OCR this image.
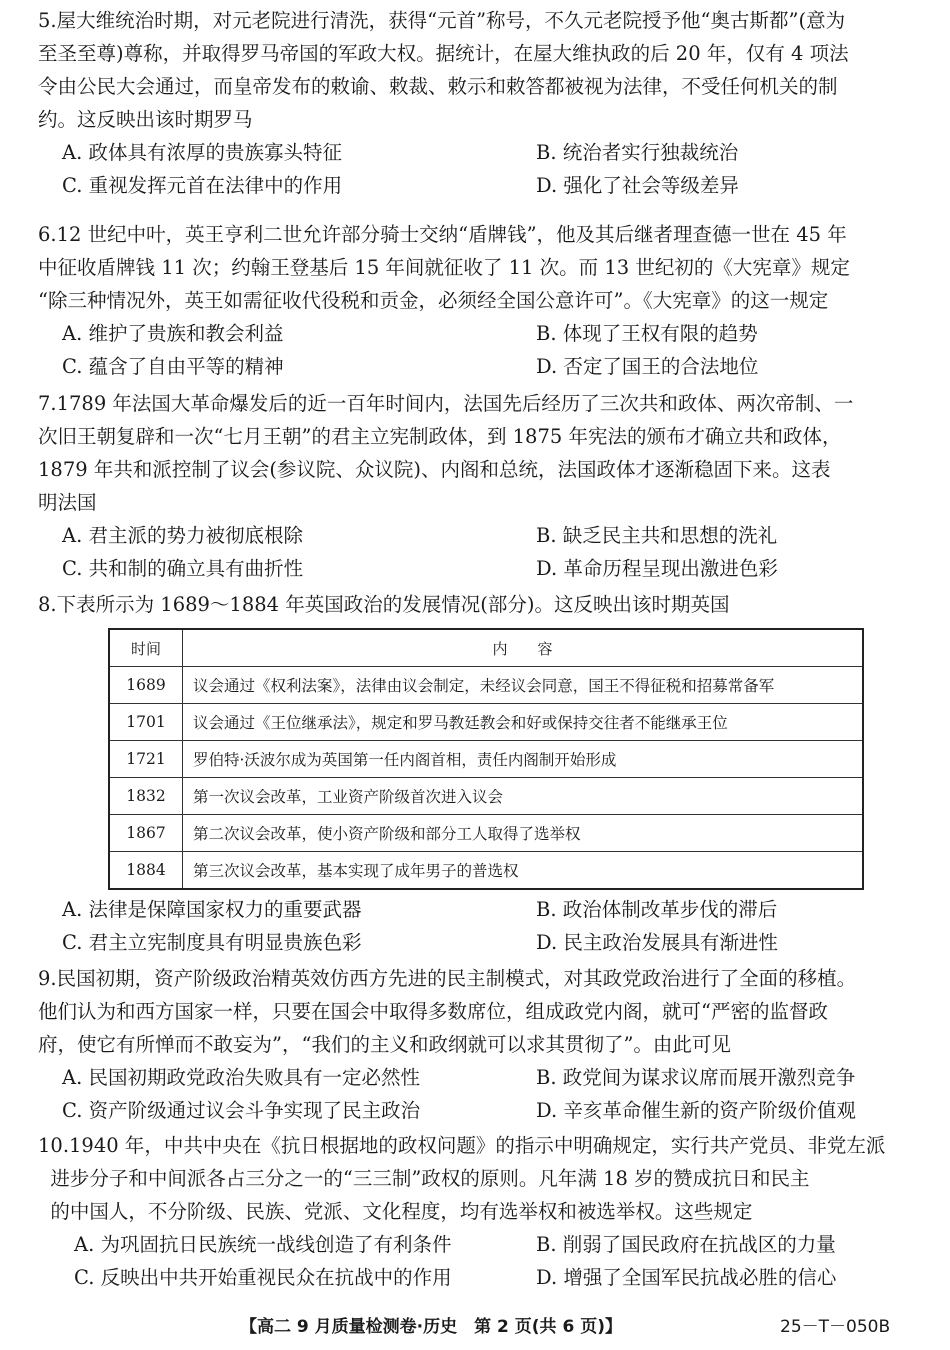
5.屋大维统治时期，对元老院进行清洗，获得“元首”称号，不久元老院授予他“奥古斯都”(意为

至圣至尊)尊称，并取得罗马帝国的军政大权。据统计，在屋大维执政的后 20 年，仅有 4 项法

令由公民大会通过，而皇帝发布的敕谕、敕裁、敕示和敕答都被视为法律，不受任何机关的制

约。这反映出该时期罗马

A. 政体具有浓厚的贵族寡头特征	B. 统治者实行独裁统治
C. 重视发挥元首在法律中的作用	D. 强化了社会等级差异

6.12 世纪中叶，英王亨利二世允许部分骑士交纳“盾牌钱”，他及其后继者理查德一世在 45 年

中征收盾牌钱 11 次；约翰王登基后 15 年间就征收了 11 次。而 13 世纪初的《大宪章》规定

“除三种情况外，英王如需征收代役税和贡金，必须经全国公意许可”。《大宪章》的这一规定

A. 维护了贵族和教会利益	B. 体现了王权有限的趋势
C. 蕴含了自由平等的精神	D. 否定了国王的合法地位

7.1789 年法国大革命爆发后的近一百年时间内，法国先后经历了三次共和政体、两次帝制、一

次旧王朝复辟和一次“七月王朝”的君主立宪制政体，到 1875 年宪法的颁布才确立共和政体，

1879 年共和派控制了议会(参议院、众议院)、内阁和总统，法国政体才逐渐稳固下来。这表

明法国

A. 君主派的势力被彻底根除	B. 缺乏民主共和思想的洗礼
C. 共和制的确立具有曲折性	D. 革命历程呈现出激进色彩

8.下表所示为 1689～1884 年英国政治的发展情况(部分)。这反映出该时期英国

时间	内　　容
1689	议会通过《权利法案》，法律由议会制定，未经议会同意，国王不得征税和招募常备军
1701	议会通过《王位继承法》，规定和罗马教廷教会和好或保持交往者不能继承王位
1721	罗伯特·沃波尔成为英国第一任内阁首相，责任内阁制开始形成
1832	第一次议会改革，工业资产阶级首次进入议会
1867	第二次议会改革，使小资产阶级和部分工人取得了选举权
1884	第三次议会改革，基本实现了成年男子的普选权
A. 法律是保障国家权力的重要武器	B. 政治体制改革步伐的滞后
C. 君主立宪制度具有明显贵族色彩	D. 民主政治发展具有渐进性

9.民国初期，资产阶级政治精英效仿西方先进的民主制模式，对其政党政治进行了全面的移植。

他们认为和西方国家一样，只要在国会中取得多数席位，组成政党内阁，就可“严密的监督政

府，使它有所惮而不敢妄为”，“我们的主义和政纲就可以求其贯彻了”。由此可见

A. 民国初期政党政治失败具有一定必然性	B. 政党间为谋求议席而展开激烈竞争
C. 资产阶级通过议会斗争实现了民主政治	D. 辛亥革命催生新的资产阶级价值观

10.1940 年，中共中央在《抗日根据地的政权问题》的指示中明确规定，实行共产党员、非党左派

进步分子和中间派各占三分之一的“三三制”政权的原则。凡年满 18 岁的赞成抗日和民主

的中国人，不分阶级、民族、党派、文化程度，均有选举权和被选举权。这些规定

A. 为巩固抗日民族统一战线创造了有利条件	B. 削弱了国民政府在抗战区的力量
C. 反映出中共开始重视民众在抗战中的作用	D. 增强了全国军民抗战必胜的信心
【高二 9 月质量检测卷·历史　第 2 页(共 6 页)】	25－T－050B
